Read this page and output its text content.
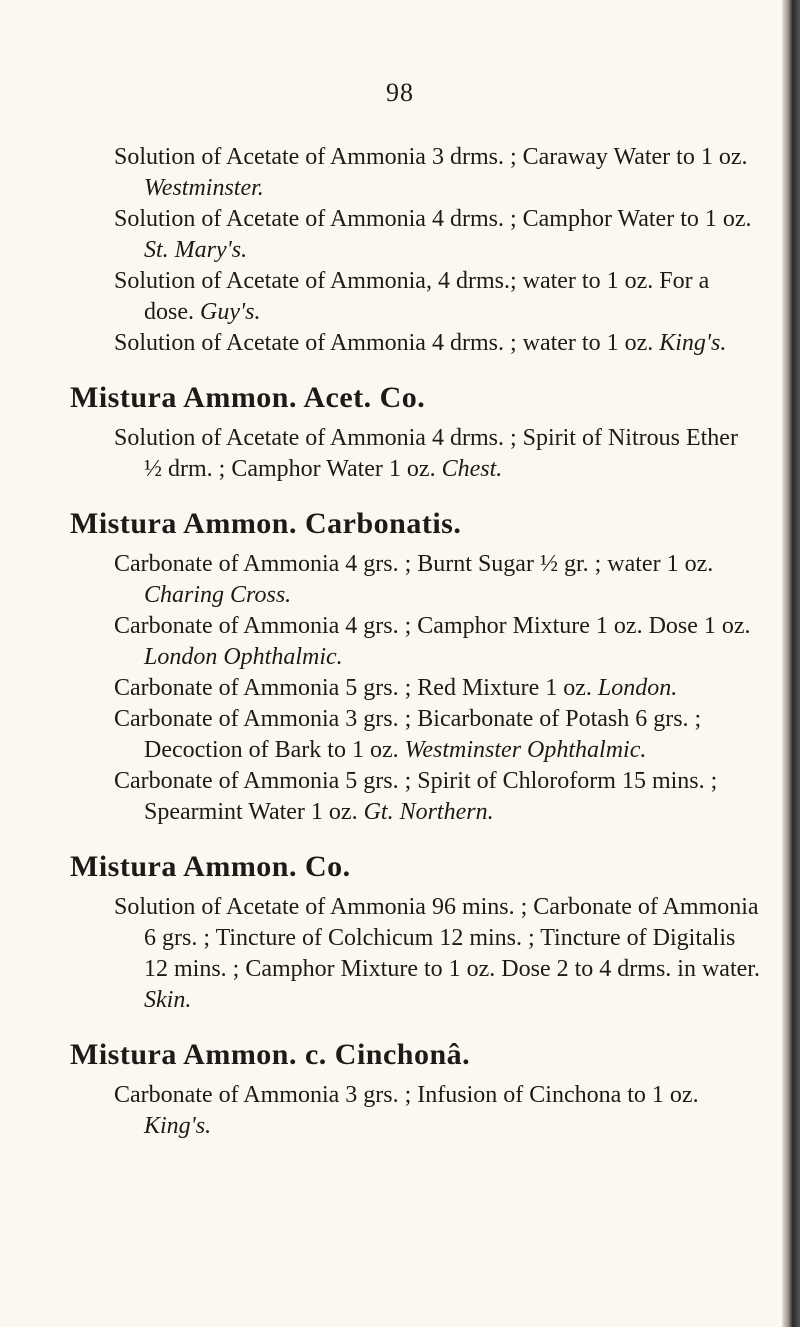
98
Solution of Acetate of Ammonia 3 drms. ; Caraway Water to 1 oz. Westminster.
Solution of Acetate of Ammonia 4 drms. ; Camphor Water to 1 oz. St. Mary's.
Solution of Acetate of Ammonia, 4 drms.; water to 1 oz. For a dose. Guy's.
Solution of Acetate of Ammonia 4 drms. ; water to 1 oz. King's.
Mistura Ammon. Acet. Co.
Solution of Acetate of Ammonia 4 drms. ; Spirit of Nitrous Ether ½ drm. ; Camphor Water 1 oz. Chest.
Mistura Ammon. Carbonatis.
Carbonate of Ammonia 4 grs. ; Burnt Sugar ½ gr. ; water 1 oz. Charing Cross.
Carbonate of Ammonia 4 grs. ; Camphor Mixture 1 oz. Dose 1 oz. London Ophthalmic.
Carbonate of Ammonia 5 grs. ; Red Mixture 1 oz. London.
Carbonate of Ammonia 3 grs. ; Bicarbonate of Potash 6 grs. ; Decoction of Bark to 1 oz. Westminster Ophthalmic.
Carbonate of Ammonia 5 grs. ; Spirit of Chloroform 15 mins. ; Spearmint Water 1 oz. Gt. Northern.
Mistura Ammon. Co.
Solution of Acetate of Ammonia 96 mins. ; Carbonate of Ammonia 6 grs. ; Tincture of Colchicum 12 mins. ; Tincture of Digitalis 12 mins. ; Camphor Mixture to 1 oz. Dose 2 to 4 drms. in water. Skin.
Mistura Ammon. c. Cinchonâ.
Carbonate of Ammonia 3 grs. ; Infusion of Cinchona to 1 oz. King's.
